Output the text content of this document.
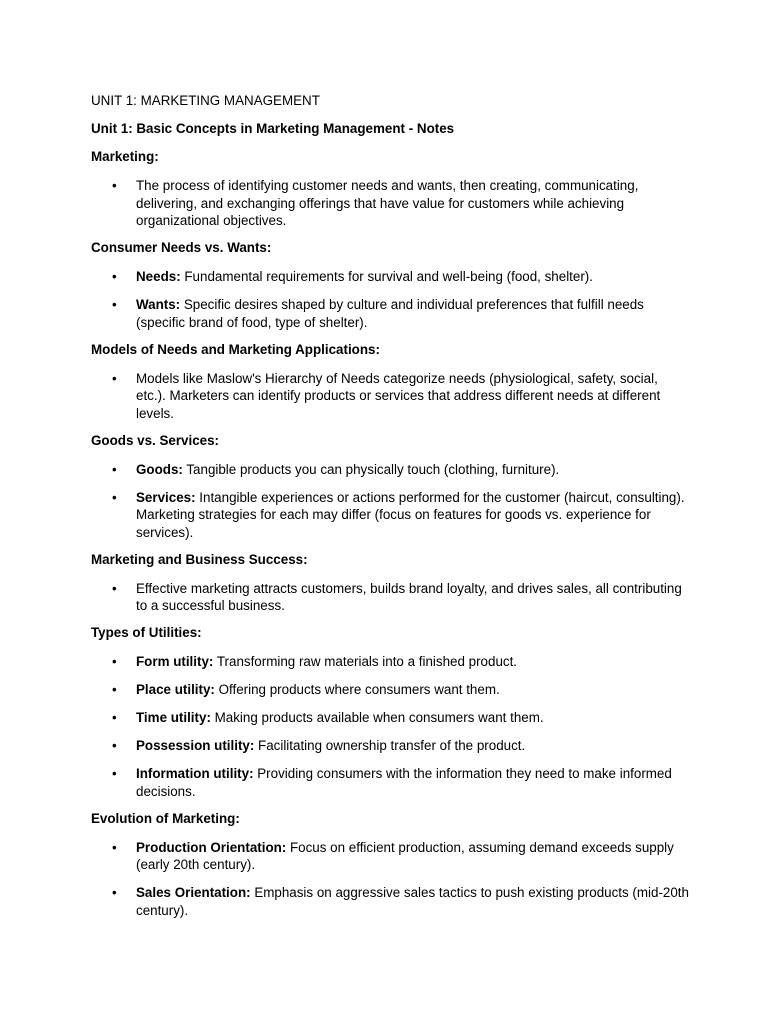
UNIT 1: MARKETING MANAGEMENT
Unit 1: Basic Concepts in Marketing Management - Notes
Marketing:
• The process of identifying customer needs and wants, then creating, communicating, delivering, and exchanging offerings that have value for customers while achieving organizational objectives.
Consumer Needs vs. Wants:
• Needs: Fundamental requirements for survival and well-being (food, shelter).
• Wants: Specific desires shaped by culture and individual preferences that fulfill needs (specific brand of food, type of shelter).
Models of Needs and Marketing Applications:
• Models like Maslow's Hierarchy of Needs categorize needs (physiological, safety, social, etc.). Marketers can identify products or services that address different needs at different levels.
Goods vs. Services:
• Goods: Tangible products you can physically touch (clothing, furniture).
• Services: Intangible experiences or actions performed for the customer (haircut, consulting). Marketing strategies for each may differ (focus on features for goods vs. experience for services).
Marketing and Business Success:
• Effective marketing attracts customers, builds brand loyalty, and drives sales, all contributing to a successful business.
Types of Utilities:
• Form utility: Transforming raw materials into a finished product.
• Place utility: Offering products where consumers want them.
• Time utility: Making products available when consumers want them.
• Possession utility: Facilitating ownership transfer of the product.
• Information utility: Providing consumers with the information they need to make informed decisions.
Evolution of Marketing:
• Production Orientation: Focus on efficient production, assuming demand exceeds supply (early 20th century).
• Sales Orientation: Emphasis on aggressive sales tactics to push existing products (mid-20th century).
